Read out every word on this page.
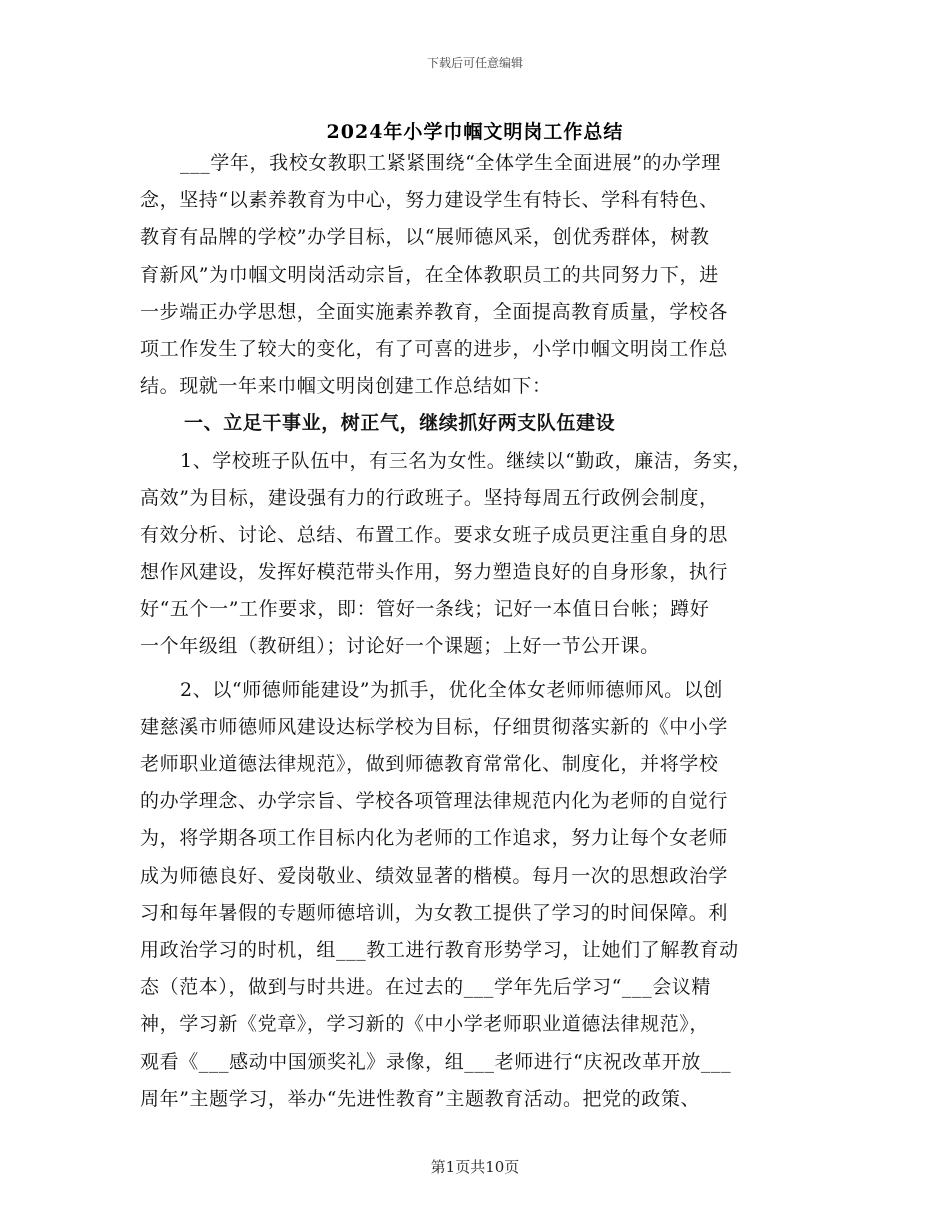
下载后可任意编辑
2024年小学巾帼文明岗工作总结
___学年，我校女教职工紧紧围绕“全体学生全面进展”的办学理
念，坚持“以素养教育为中心，努力建设学生有特长、学科有特色、
教育有品牌的学校”办学目标，以“展师德风采，创优秀群体，树教
育新风”为巾帼文明岗活动宗旨，在全体教职员工的共同努力下，进
一步端正办学思想，全面实施素养教育，全面提高教育质量，学校各
项工作发生了较大的变化，有了可喜的进步，小学巾帼文明岗工作总
结。现就一年来巾帼文明岗创建工作总结如下：
一、立足干事业，树正气，继续抓好两支队伍建设
1、学校班子队伍中，有三名为女性。继续以“勤政，廉洁，务实，
高效”为目标，建设强有力的行政班子。坚持每周五行政例会制度，
有效分析、讨论、总结、布置工作。要求女班子成员更注重自身的思
想作风建设，发挥好模范带头作用，努力塑造良好的自身形象，执行
好“五个一”工作要求，即：管好一条线；记好一本值日台帐；蹲好
一个年级组（教研组）；讨论好一个课题；上好一节公开课。
2、以“师德师能建设”为抓手，优化全体女老师师德师风。以创
建慈溪市师德师风建设达标学校为目标，仔细贯彻落实新的《中小学
老师职业道德法律规范》，做到师德教育常常化、制度化，并将学校
的办学理念、办学宗旨、学校各项管理法律规范内化为老师的自觉行
为，将学期各项工作目标内化为老师的工作追求，努力让每个女老师
成为师德良好、爱岗敬业、绩效显著的楷模。每月一次的思想政治学
习和每年暑假的专题师德培训，为女教工提供了学习的时间保障。利
用政治学习的时机，组___教工进行教育形势学习，让她们了解教育动
态（范本），做到与时共进。在过去的___学年先后学习“___会议精
神，学习新《党章》，学习新的《中小学老师职业道德法律规范》，
观看《___感动中国颁奖礼》录像，组___老师进行“庆祝改革开放___
周年”主题学习，举办“先进性教育”主题教育活动。把党的政策、
第1页共10页
